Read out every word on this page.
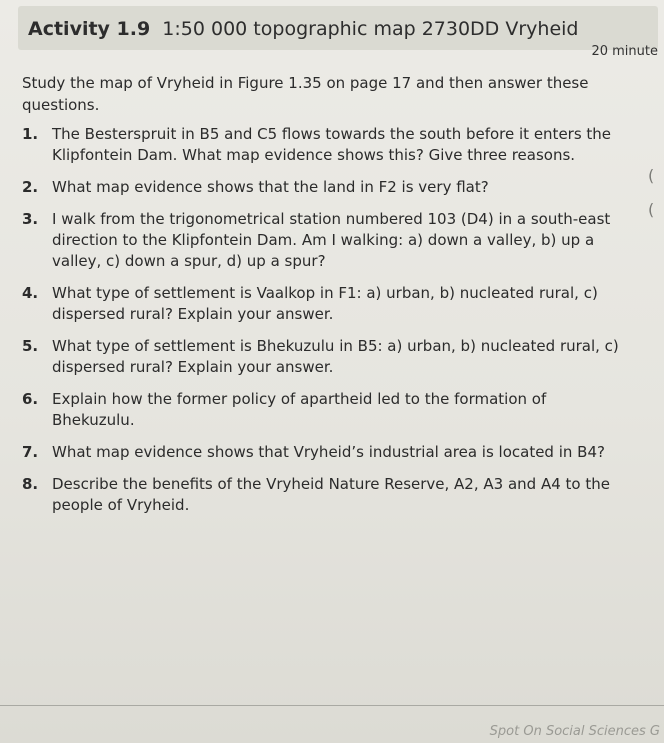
Activity 1.9 1:50 000 topographic map 2730DD Vryheid
20 minute
Study the map of Vryheid in Figure 1.35 on page 17 and then answer these questions.
1. The Besterspruit in B5 and C5 flows towards the south before it enters the Klipfontein Dam. What map evidence shows this? Give three reasons.
2. What map evidence shows that the land in F2 is very flat?
3. I walk from the trigonometrical station numbered 103 (D4) in a south-east direction to the Klipfontein Dam. Am I walking: a) down a valley, b) up a valley, c) down a spur, d) up a spur?
4. What type of settlement is Vaalkop in F1: a) urban, b) nucleated rural, c) dispersed rural? Explain your answer.
5. What type of settlement is Bhekuzulu in B5: a) urban, b) nucleated rural, c) dispersed rural? Explain your answer.
6. Explain how the former policy of apartheid led to the formation of Bhekuzulu.
7. What map evidence shows that Vryheid’s industrial area is located in B4?
8. Describe the benefits of the Vryheid Nature Reserve, A2, A3 and A4 to the people of Vryheid.
(
(
Spot On Social Sciences G
